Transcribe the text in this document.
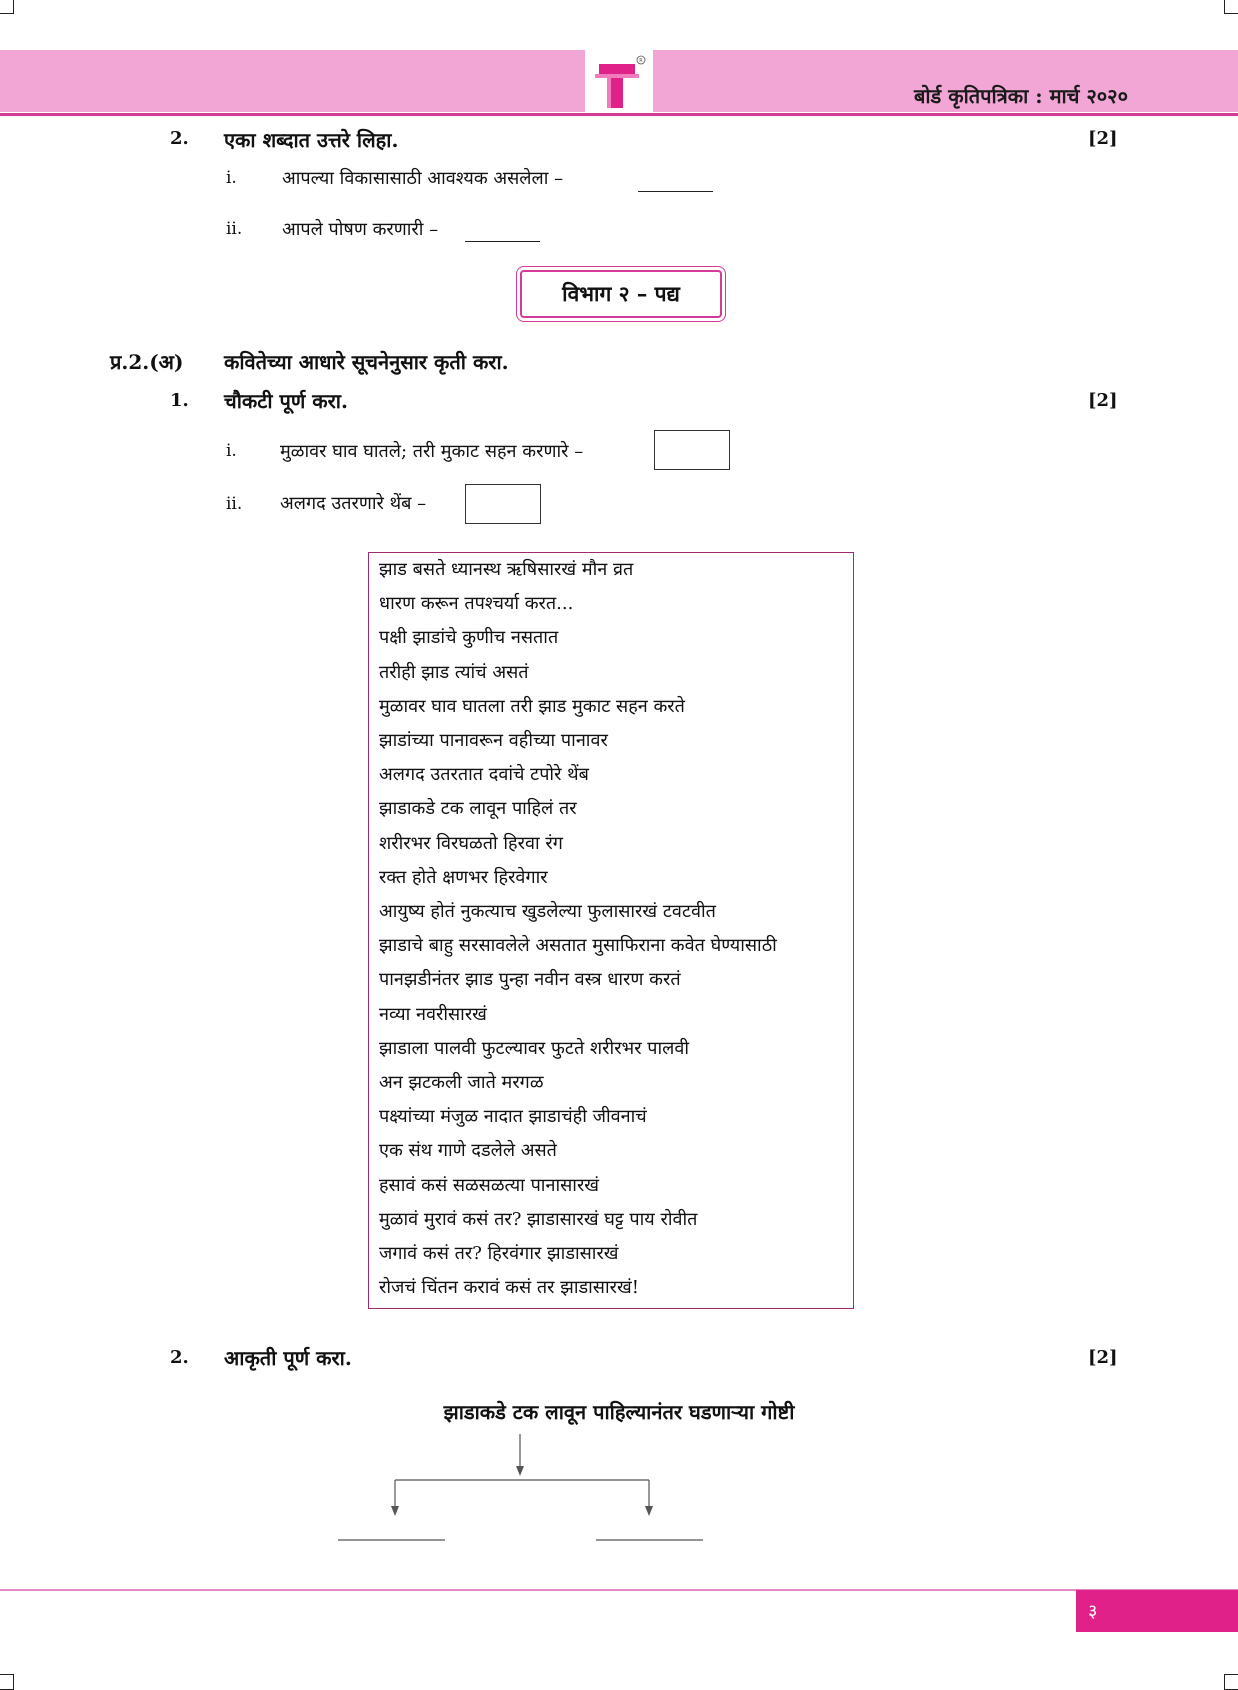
R
बोर्ड कृतिपत्रिका : मार्च २०२०
2. एका शब्दात उत्तरे लिहा.	[2]
i.	आपल्या विकासासाठी आवश्यक असलेला –
ii. आपले पोषण करणारी –
विभाग २ – पद्य
प्र.2.(अ) कवितेच्या आधारे सूचनेनुसार कृती करा.
1. चौकटी पूर्ण करा.	[2]
i. मुळावर घाव घातले; तरी मुकाट सहन करणारे –
ii. अलगद उतरणारे थेंब –
झाड बसते ध्यानस्थ ऋषिसारखं मौन व्रत
धारण करून तपश्चर्या करत...
पक्षी झाडांचे कुणीच नसतात
तरीही झाड त्यांचं असतं
मुळावर घाव घातला तरी झाड मुकाट सहन करते
झाडांच्या पानावरून वहीच्या पानावर
अलगद उतरतात दवांचे टपोरे थेंब
झाडाकडे टक लावून पाहिलं तर
शरीरभर विरघळतो हिरवा रंग
रक्त होते क्षणभर हिरवेगार
आयुष्य होतं नुकत्याच खुडलेल्या फुलासारखं टवटवीत
झाडाचे बाहु सरसावलेले असतात मुसाफिराना कवेत घेण्यासाठी
पानझडीनंतर झाड पुन्हा नवीन वस्त्र धारण करतं
नव्या नवरीसारखं
झाडाला पालवी फुटल्यावर फुटते शरीरभर पालवी
अन झटकली जाते मरगळ
पक्ष्यांच्या मंजुळ नादात झाडाचंही जीवनाचं
एक संथ गाणे दडलेले असते
हसावं कसं सळसळत्या पानासारखं
मुळावं मुरावं कसं तर? झाडासारखं घट्ट पाय रोवीत
जगावं कसं तर? हिरवंगार झाडासारखं
रोजचं चिंतन करावं कसं तर झाडासारखं!
2. आकृती पूर्ण करा.	[2]
झाडाकडे टक लावून पाहिल्यानंतर घडणाऱ्या गोष्टी
३
